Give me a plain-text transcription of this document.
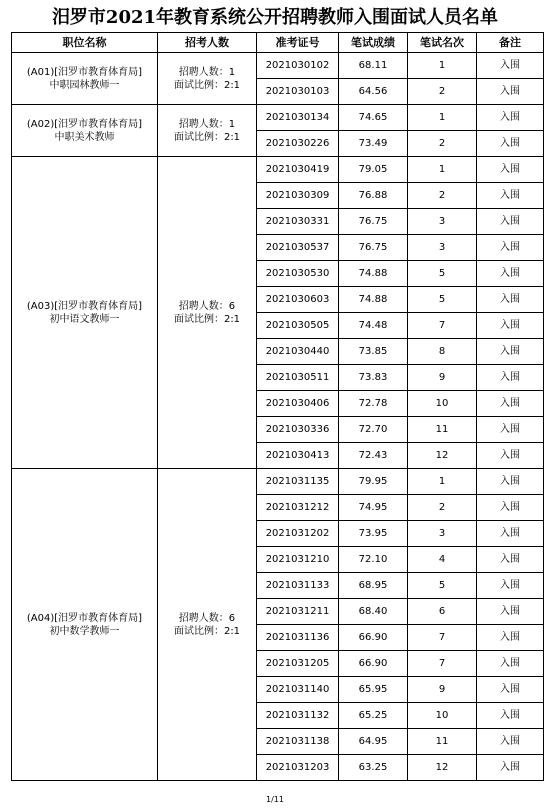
汨罗市2021年教育系统公开招聘教师入围面试人员名单
职位名称	招考人数	准考证号	笔试成绩	笔试名次	备注

(A01)[汨罗市教育体育局]
中职园林教师一	招聘人数：1
面试比例：2:1	2021030102	68.11	1	入围
		2021030103	64.56	2	入围

(A02)[汨罗市教育体育局]
中职美术教师	招聘人数：1
面试比例：2:1	2021030134	74.65	1	入围
		2021030226	73.49	2	入围

(A03)[汨罗市教育体育局]
初中语文教师一	招聘人数：6
面试比例：2:1	2021030419	79.05	1	入围
		2021030309	76.88	2	入围
		2021030331	76.75	3	入围
		2021030537	76.75	3	入围
		2021030530	74.88	5	入围
		2021030603	74.88	5	入围
		2021030505	74.48	7	入围
		2021030440	73.85	8	入围
		2021030511	73.83	9	入围
		2021030406	72.78	10	入围
		2021030336	72.70	11	入围
		2021030413	72.43	12	入围

(A04)[汨罗市教育体育局]
初中数学教师一	招聘人数：6
面试比例：2:1	2021031135	79.95	1	入围
		2021031212	74.95	2	入围
		2021031202	73.95	3	入围
		2021031210	72.10	4	入围
		2021031133	68.95	5	入围
		2021031211	68.40	6	入围
		2021031136	66.90	7	入围
		2021031205	66.90	7	入围
		2021031140	65.95	9	入围
		2021031132	65.25	10	入围
		2021031138	64.95	11	入围
		2021031203	63.25	12	入围
1/11
